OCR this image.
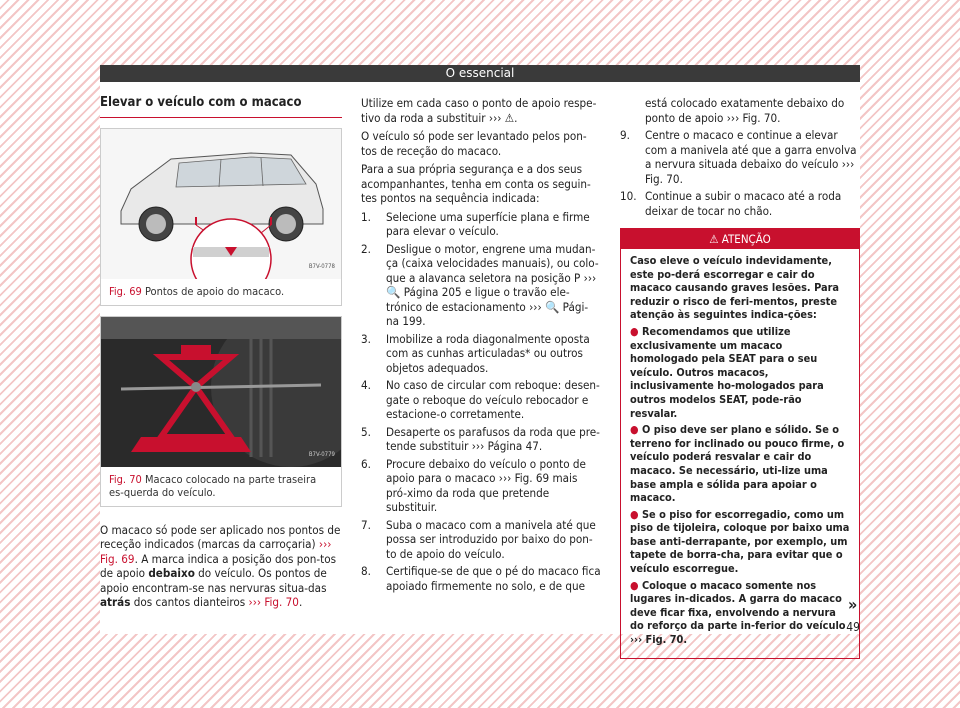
O essencial
Elevar o veículo com o macaco
B7V-0778
Fig. 69 Pontos de apoio do macaco.
B7V-0779
Fig. 70 Macaco colocado na parte traseira es-querda do veículo.

O macaco só pode ser aplicado nos pontos de receção indicados (marcas da carroçaria) ››› Fig. 69. A marca indica a posição dos pon-tos de apoio debaixo do veículo. Os pontos de apoio encontram-se nas nervuras situa-das atrás dos cantos dianteiros ››› Fig. 70.

Utilize em cada caso o ponto de apoio respe-tivo da roda a substituir ››› ⚠.

O veículo só pode ser levantado pelos pon-tos de receção do macaco.

Para a sua própria segurança e a dos seus acompanhantes, tenha em conta os seguin-tes pontos na sequência indicada:

1.	Selecione uma superfície plana e firme para elevar o veículo.
2.	Desligue o motor, engrene uma mudan-ça (caixa velocidades manuais), ou colo-que a alavanca seletora na posição P ››› 🔍 Página 205 e ligue o travão ele-trónico de estacionamento ››› 🔍 Pági-na 199.
3.	Imobilize a roda diagonalmente oposta com as cunhas articuladas* ou outros objetos adequados.
4.	No caso de circular com reboque: desen-gate o reboque do veículo rebocador e estacione-o corretamente.
5.	Desaperte os parafusos da roda que pre-tende substituir ››› Página 47.
6.	Procure debaixo do veículo o ponto de apoio para o macaco ››› Fig. 69 mais pró-ximo da roda que pretende substituir.
7.	Suba o macaco com a manivela até que possa ser introduzido por baixo do pon-to de apoio do veículo.
8.	Certifique-se de que o pé do macaco fica apoiado firmemente no solo, e de que
está colocado exatamente debaixo do ponto de apoio ››› Fig. 70.
9.	Centre o macaco e continue a elevar com a manivela até que a garra envolva a nervura situada debaixo do veículo ››› Fig. 70.
10. Continue a subir o macaco até a roda deixar de tocar no chão.
⚠ ATENÇÃO

Caso eleve o veículo indevidamente, este po-derá escorregar e cair do macaco causando graves lesões. Para reduzir o risco de feri-mentos, preste atenção às seguintes indica-ções:

● Recomendamos que utilize exclusivamente um macaco homologado pela SEAT para o seu veículo. Outros macacos, inclusivamente ho-mologados para outros modelos SEAT, pode-rão resvalar.

● O piso deve ser plano e sólido. Se o terreno for inclinado ou pouco firme, o veículo poderá resvalar e cair do macaco. Se necessário, uti-lize uma base ampla e sólida para apoiar o macaco.

● Se o piso for escorregadio, como um piso de tijoleira, coloque por baixo uma base anti-derrapante, por exemplo, um tapete de borra-cha, para evitar que o veículo escorregue.

● Coloque o macaco somente nos lugares in-dicados. A garra do macaco deve ficar fixa, envolvendo a nervura do reforço da parte in-ferior do veículo ››› Fig. 70.

»
49
